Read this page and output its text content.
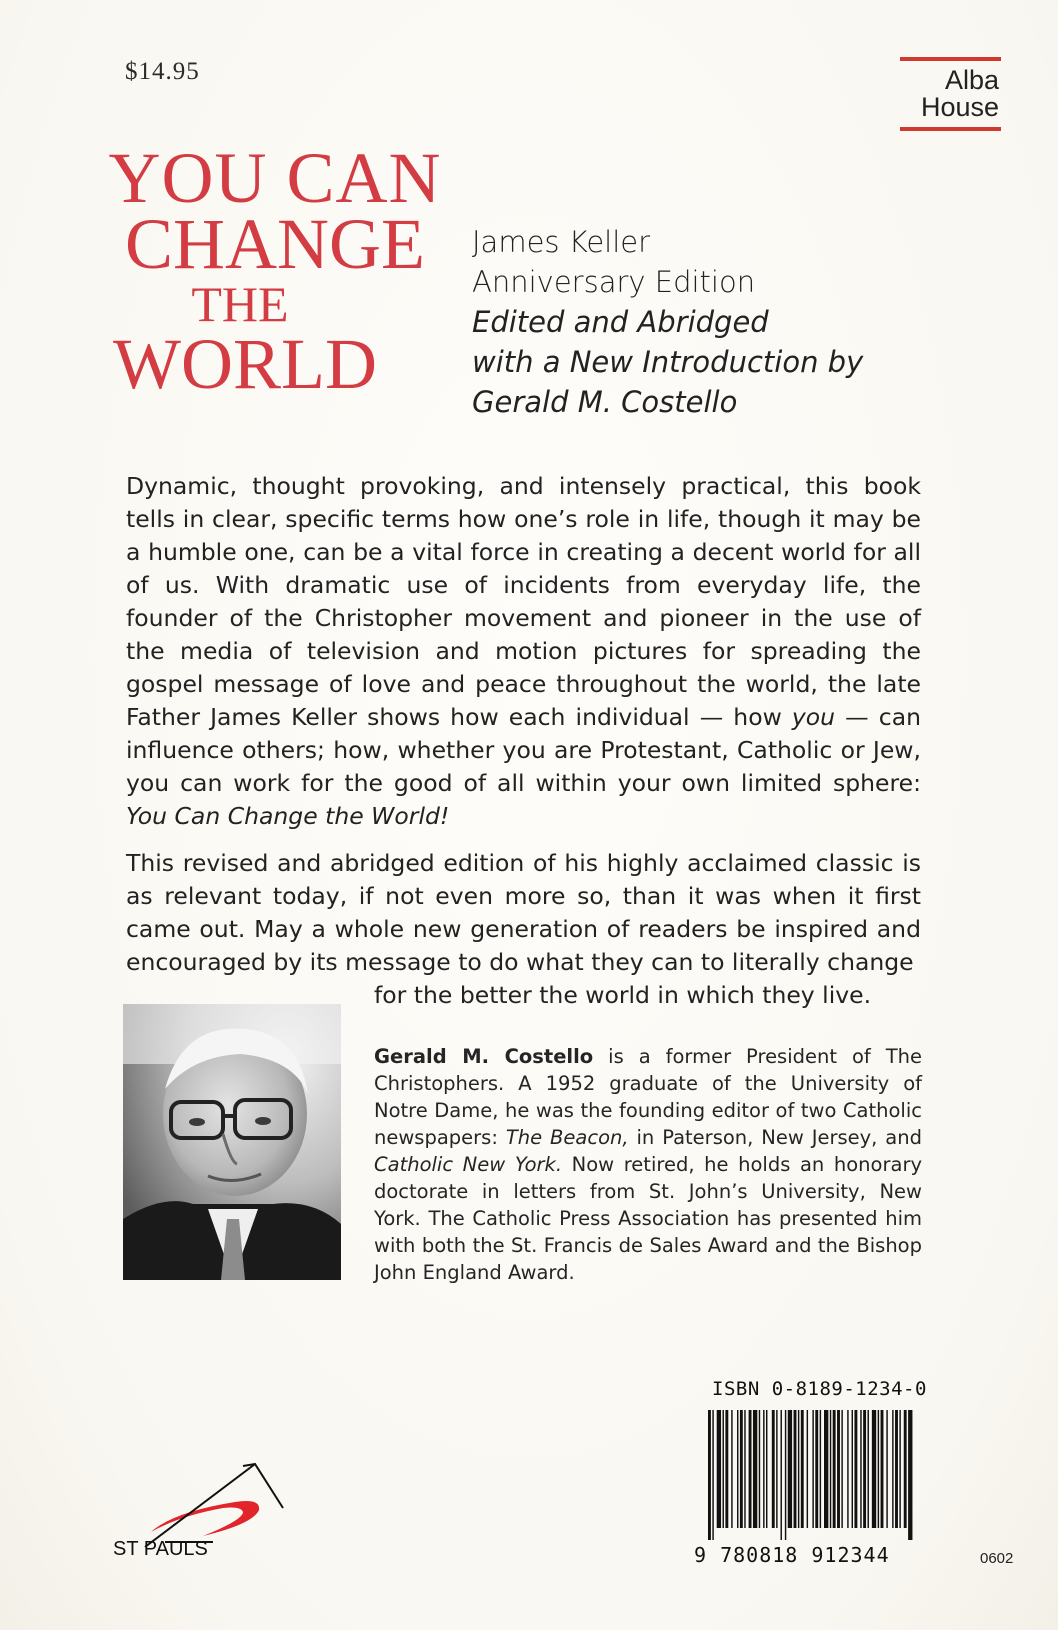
$14.95	Alba
House
YOU CAN
CHANGE
THE
WORLD
James Keller
Anniversary Edition
Edited and Abridged
with a New Introduction by
Gerald M. Costello

Dynamic, thought provoking, and intensely practical, this book tells in clear, specific terms how one’s role in life, though it may be a humble one, can be a vital force in creating a decent world for all of us. With dramatic use of incidents from everyday life, the founder of the Christopher movement and pioneer in the use of the media of television and motion pictures for spreading the gospel message of love and peace throughout the world, the late Father James Keller shows how each individual — how you — can influence others; how, whether you are Protestant, Catholic or Jew, you can work for the good of all within your own limited sphere: You Can Change the World!

This revised and abridged edition of his highly acclaimed classic is as relevant today, if not even more so, than it was when it first came out. May a whole new generation of readers be inspired and encouraged by its message to do what they can to literally change
for the better the world in which they live.

Gerald M. Costello is a former President of The Christophers. A 1952 graduate of the University of Notre Dame, he was the founding editor of two Catholic newspapers: The Beacon, in Paterson, New Jersey, and Catholic New York. Now retired, he holds an honorary doctorate in letters from St. John’s University, New York. The Catholic Press Association has presented him with both the St. Francis de Sales Award and the Bishop John England Award.
ISBN 0-8189-1234-0
9 780818 912344	0602
ST PAULS
